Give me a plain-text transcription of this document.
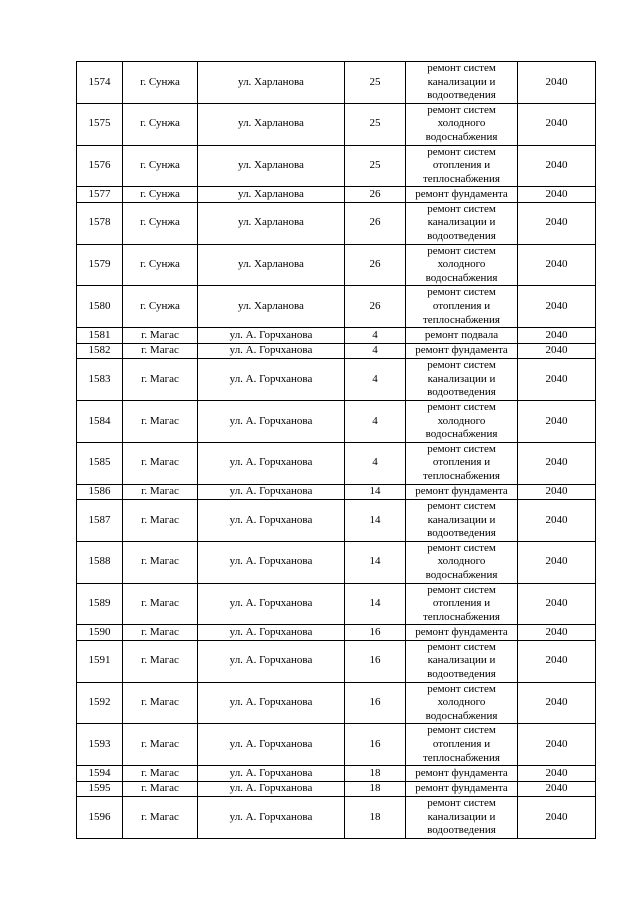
1574	г. Сунжа	ул. Харланова	25	ремонт систем канализации и водоотведения	2040
1575	г. Сунжа	ул. Харланова	25	ремонт систем холодного водоснабжения	2040
1576	г. Сунжа	ул. Харланова	25	ремонт систем отопления и теплоснабжения	2040
1577	г. Сунжа	ул. Харланова	26	ремонт фундамента	2040
1578	г. Сунжа	ул. Харланова	26	ремонт систем канализации и водоотведения	2040
1579	г. Сунжа	ул. Харланова	26	ремонт систем холодного водоснабжения	2040
1580	г. Сунжа	ул. Харланова	26	ремонт систем отопления и теплоснабжения	2040
1581	г. Магас	ул. А. Горчханова	4	ремонт подвала	2040
1582	г. Магас	ул. А. Горчханова	4	ремонт фундамента	2040
1583	г. Магас	ул. А. Горчханова	4	ремонт систем канализации и водоотведения	2040
1584	г. Магас	ул. А. Горчханова	4	ремонт систем холодного водоснабжения	2040
1585	г. Магас	ул. А. Горчханова	4	ремонт систем отопления и теплоснабжения	2040
1586	г. Магас	ул. А. Горчханова	14	ремонт фундамента	2040
1587	г. Магас	ул. А. Горчханова	14	ремонт систем канализации и водоотведения	2040
1588	г. Магас	ул. А. Горчханова	14	ремонт систем холодного водоснабжения	2040
1589	г. Магас	ул. А. Горчханова	14	ремонт систем отопления и теплоснабжения	2040
1590	г. Магас	ул. А. Горчханова	16	ремонт фундамента	2040
1591	г. Магас	ул. А. Горчханова	16	ремонт систем канализации и водоотведения	2040
1592	г. Магас	ул. А. Горчханова	16	ремонт систем холодного водоснабжения	2040
1593	г. Магас	ул. А. Горчханова	16	ремонт систем отопления и теплоснабжения	2040
1594	г. Магас	ул. А. Горчханова	18	ремонт фундамента	2040
1595	г. Магас	ул. А. Горчханова	18	ремонт фундамента	2040
1596	г. Магас	ул. А. Горчханова	18	ремонт систем канализации и водоотведения	2040
